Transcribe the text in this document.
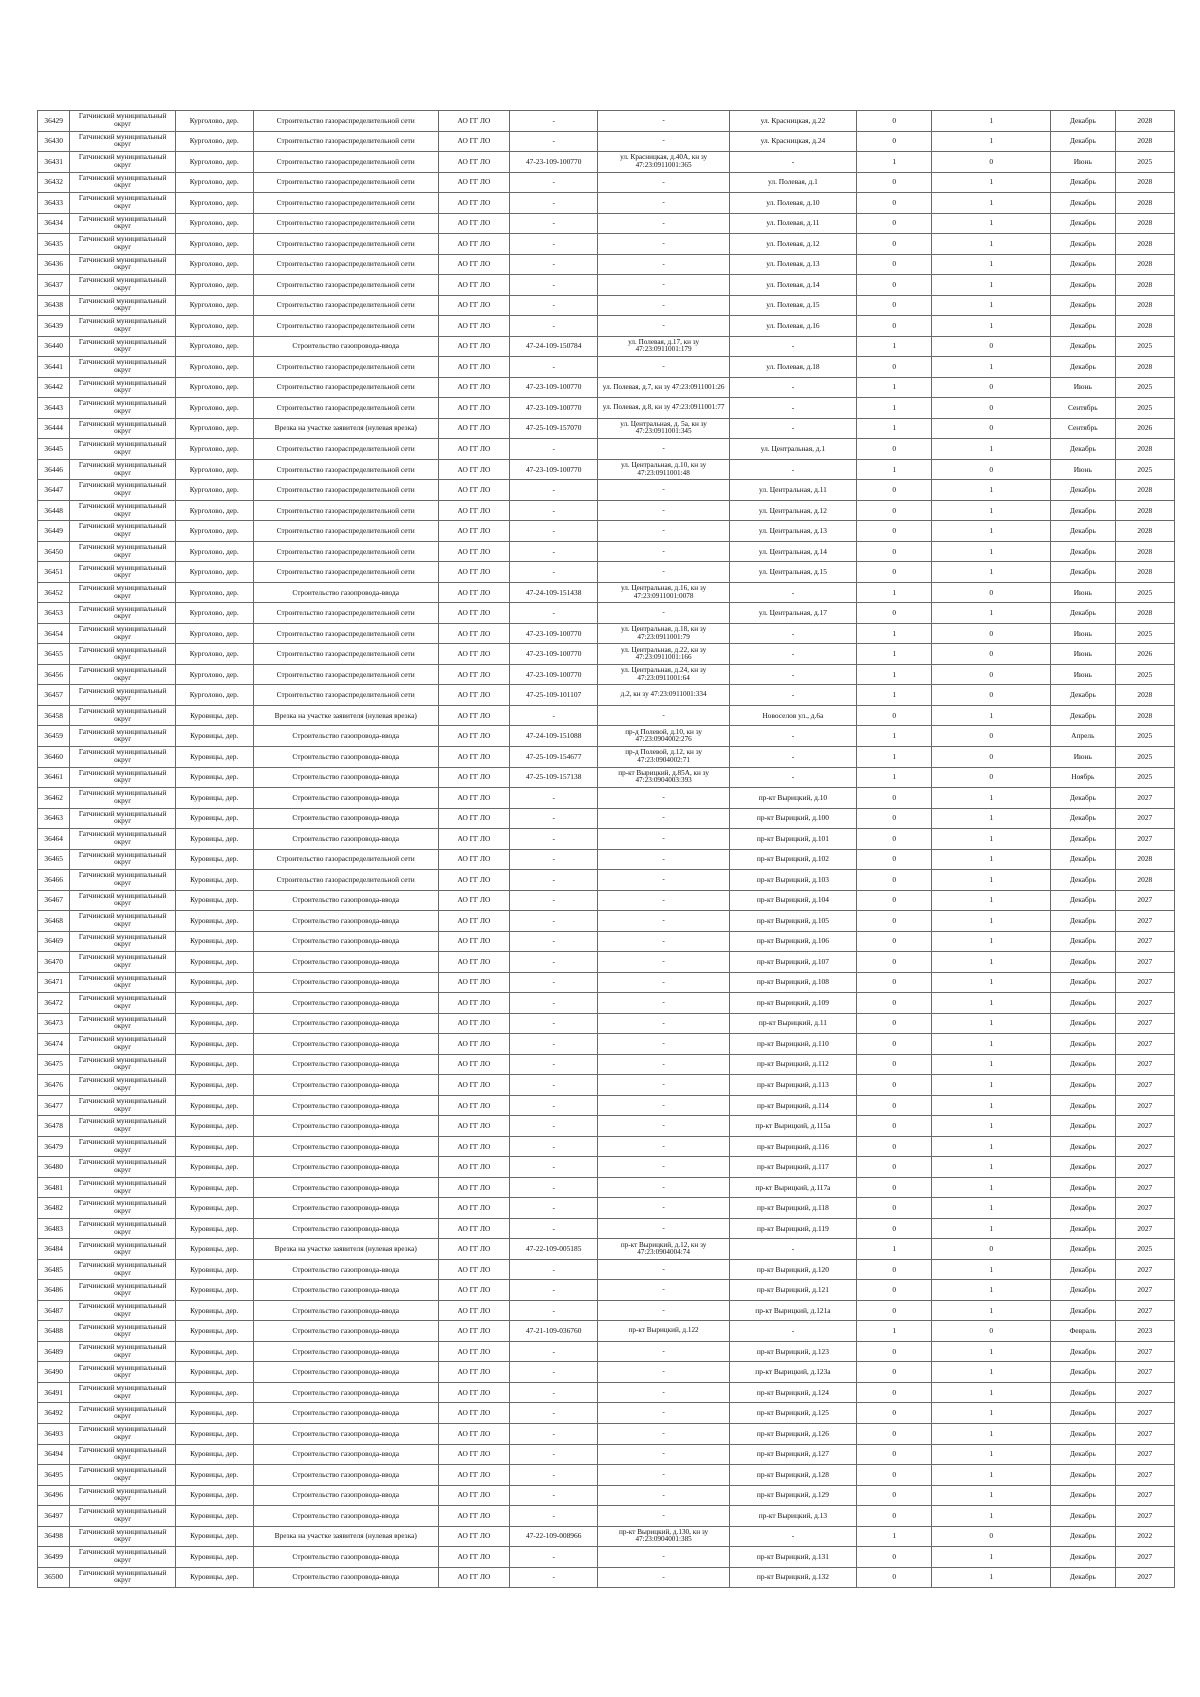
36429	Гатчинский муниципальный округ	Курголово, дер.	Строительство газораспределительной сети	АО ГГ ЛО	-	-	ул. Красницкая, д.22	0	1	Декабрь	2028
36430	Гатчинский муниципальный округ	Курголово, дер.	Строительство газораспределительной сети	АО ГГ ЛО	-	-	ул. Красницкая, д.24	0	1	Декабрь	2028
36431	Гатчинский муниципальный округ	Курголово, дер.	Строительство газораспределительной сети	АО ГГ ЛО	47-23-109-100770	ул. Красницкая, д.40А, кн зу 47:23:0911001:365	-	1	0	Июнь	2025
36432	Гатчинский муниципальный округ	Курголово, дер.	Строительство газораспределительной сети	АО ГГ ЛО	-	-	ул. Полевая, д.1	0	1	Декабрь	2028
36433	Гатчинский муниципальный округ	Курголово, дер.	Строительство газораспределительной сети	АО ГГ ЛО	-	-	ул. Полевая, д.10	0	1	Декабрь	2028
36434	Гатчинский муниципальный округ	Курголово, дер.	Строительство газораспределительной сети	АО ГГ ЛО	-	-	ул. Полевая, д.11	0	1	Декабрь	2028
36435	Гатчинский муниципальный округ	Курголово, дер.	Строительство газораспределительной сети	АО ГГ ЛО	-	-	ул. Полевая, д.12	0	1	Декабрь	2028
36436	Гатчинский муниципальный округ	Курголово, дер.	Строительство газораспределительной сети	АО ГГ ЛО	-	-	ул. Полевая, д.13	0	1	Декабрь	2028
36437	Гатчинский муниципальный округ	Курголово, дер.	Строительство газораспределительной сети	АО ГГ ЛО	-	-	ул. Полевая, д.14	0	1	Декабрь	2028
36438	Гатчинский муниципальный округ	Курголово, дер.	Строительство газораспределительной сети	АО ГГ ЛО	-	-	ул. Полевая, д.15	0	1	Декабрь	2028
36439	Гатчинский муниципальный округ	Курголово, дер.	Строительство газораспределительной сети	АО ГГ ЛО	-	-	ул. Полевая, д.16	0	1	Декабрь	2028
36440	Гатчинский муниципальный округ	Курголово, дер.	Строительство газопровода-ввода	АО ГГ ЛО	47-24-109-150784	ул. Полевая, д.17, кн зу 47:23:0911001:179	-	1	0	Декабрь	2025
36441	Гатчинский муниципальный округ	Курголово, дер.	Строительство газораспределительной сети	АО ГГ ЛО	-	-	ул. Полевая, д.18	0	1	Декабрь	2028
36442	Гатчинский муниципальный округ	Курголово, дер.	Строительство газораспределительной сети	АО ГГ ЛО	47-23-109-100770	ул. Полевая, д.7, кн зу 47:23:0911001:26	-	1	0	Июнь	2025
36443	Гатчинский муниципальный округ	Курголово, дер.	Строительство газораспределительной сети	АО ГГ ЛО	47-23-109-100770	ул. Полевая, д.8, кн зу 47:23:0911001:77	-	1	0	Сентябрь	2025
36444	Гатчинский муниципальный округ	Курголово, дер.	Врезка на участке заявителя (нулевая врезка)	АО ГГ ЛО	47-25-109-157070	ул. Центральная, д. 5а, кн зу 47:23:0911001:345	-	1	0	Сентябрь	2026
36445	Гатчинский муниципальный округ	Курголово, дер.	Строительство газораспределительной сети	АО ГГ ЛО	-	-	ул. Центральная, д.1	0	1	Декабрь	2028
36446	Гатчинский муниципальный округ	Курголово, дер.	Строительство газораспределительной сети	АО ГГ ЛО	47-23-109-100770	ул. Центральная, д.10, кн зу 47:23:0911001:48	-	1	0	Июнь	2025
36447	Гатчинский муниципальный округ	Курголово, дер.	Строительство газораспределительной сети	АО ГГ ЛО	-	-	ул. Центральная, д.11	0	1	Декабрь	2028
36448	Гатчинский муниципальный округ	Курголово, дер.	Строительство газораспределительной сети	АО ГГ ЛО	-	-	ул. Центральная, д.12	0	1	Декабрь	2028
36449	Гатчинский муниципальный округ	Курголово, дер.	Строительство газораспределительной сети	АО ГГ ЛО	-	-	ул. Центральная, д.13	0	1	Декабрь	2028
36450	Гатчинский муниципальный округ	Курголово, дер.	Строительство газораспределительной сети	АО ГГ ЛО	-	-	ул. Центральная, д.14	0	1	Декабрь	2028
36451	Гатчинский муниципальный округ	Курголово, дер.	Строительство газораспределительной сети	АО ГГ ЛО	-	-	ул. Центральная, д.15	0	1	Декабрь	2028
36452	Гатчинский муниципальный округ	Курголово, дер.	Строительство газопровода-ввода	АО ГГ ЛО	47-24-109-151438	ул. Центральная, д.16, кн зу 47:23:0911001:0078	-	1	0	Июнь	2025
36453	Гатчинский муниципальный округ	Курголово, дер.	Строительство газораспределительной сети	АО ГГ ЛО	-	-	ул. Центральная, д.17	0	1	Декабрь	2028
36454	Гатчинский муниципальный округ	Курголово, дер.	Строительство газораспределительной сети	АО ГГ ЛО	47-23-109-100770	ул. Центральная, д.18, кн зу 47:23:0911001:79	-	1	0	Июнь	2025
36455	Гатчинский муниципальный округ	Курголово, дер.	Строительство газораспределительной сети	АО ГГ ЛО	47-23-109-100770	ул. Центральная, д.22, кн зу 47:23:0911001:166	-	1	0	Июнь	2026
36456	Гатчинский муниципальный округ	Курголово, дер.	Строительство газораспределительной сети	АО ГГ ЛО	47-23-109-100770	ул. Центральная, д.24, кн зу 47:23:0911001:64	-	1	0	Июнь	2025
36457	Гатчинский муниципальный округ	Курголово, дер.	Строительство газораспределительной сети	АО ГГ ЛО	47-25-109-101107	д.2, кн зу 47:23:0911001:334	-	1	0	Декабрь	2028
36458	Гатчинский муниципальный округ	Куровицы, дер.	Врезка на участке заявителя (нулевая врезка)	АО ГГ ЛО	-	-	Новоселов ул., д.6а	0	1	Декабрь	2028
36459	Гатчинский муниципальный округ	Куровицы, дер.	Строительство газопровода-ввода	АО ГГ ЛО	47-24-109-151088	пр-д Полевой, д.10, кн зу 47:23:0904002:276	-	1	0	Апрель	2025
36460	Гатчинский муниципальный округ	Куровицы, дер.	Строительство газопровода-ввода	АО ГГ ЛО	47-25-109-154677	пр-д Полевой, д.12, кн зу 47:23:0904002:71	-	1	0	Июнь	2025
36461	Гатчинский муниципальный округ	Куровицы, дер.	Строительство газопровода-ввода	АО ГГ ЛО	47-25-109-157138	пр-кт Вырицкий, д.85А, кн зу 47:23:0904003:393	-	1	0	Ноябрь	2025
36462	Гатчинский муниципальный округ	Куровицы, дер.	Строительство газопровода-ввода	АО ГГ ЛО	-	-	пр-кт Вырицкий, д.10	0	1	Декабрь	2027
36463	Гатчинский муниципальный округ	Куровицы, дер.	Строительство газопровода-ввода	АО ГГ ЛО	-	-	пр-кт Вырицкий, д.100	0	1	Декабрь	2027
36464	Гатчинский муниципальный округ	Куровицы, дер.	Строительство газопровода-ввода	АО ГГ ЛО	-	-	пр-кт Вырицкий, д.101	0	1	Декабрь	2027
36465	Гатчинский муниципальный округ	Куровицы, дер.	Строительство газораспределительной сети	АО ГГ ЛО	-	-	пр-кт Вырицкий, д.102	0	1	Декабрь	2028
36466	Гатчинский муниципальный округ	Куровицы, дер.	Строительство газораспределительной сети	АО ГГ ЛО	-	-	пр-кт Вырицкий, д.103	0	1	Декабрь	2028
36467	Гатчинский муниципальный округ	Куровицы, дер.	Строительство газопровода-ввода	АО ГГ ЛО	-	-	пр-кт Вырицкий, д.104	0	1	Декабрь	2027
36468	Гатчинский муниципальный округ	Куровицы, дер.	Строительство газопровода-ввода	АО ГГ ЛО	-	-	пр-кт Вырицкий, д.105	0	1	Декабрь	2027
36469	Гатчинский муниципальный округ	Куровицы, дер.	Строительство газопровода-ввода	АО ГГ ЛО	-	-	пр-кт Вырицкий, д.106	0	1	Декабрь	2027
36470	Гатчинский муниципальный округ	Куровицы, дер.	Строительство газопровода-ввода	АО ГГ ЛО	-	-	пр-кт Вырицкий, д.107	0	1	Декабрь	2027
36471	Гатчинский муниципальный округ	Куровицы, дер.	Строительство газопровода-ввода	АО ГГ ЛО	-	-	пр-кт Вырицкий, д.108	0	1	Декабрь	2027
36472	Гатчинский муниципальный округ	Куровицы, дер.	Строительство газопровода-ввода	АО ГГ ЛО	-	-	пр-кт Вырицкий, д.109	0	1	Декабрь	2027
36473	Гатчинский муниципальный округ	Куровицы, дер.	Строительство газопровода-ввода	АО ГГ ЛО	-	-	пр-кт Вырицкий, д.11	0	1	Декабрь	2027
36474	Гатчинский муниципальный округ	Куровицы, дер.	Строительство газопровода-ввода	АО ГГ ЛО	-	-	пр-кт Вырицкий, д.110	0	1	Декабрь	2027
36475	Гатчинский муниципальный округ	Куровицы, дер.	Строительство газопровода-ввода	АО ГГ ЛО	-	-	пр-кт Вырицкий, д.112	0	1	Декабрь	2027
36476	Гатчинский муниципальный округ	Куровицы, дер.	Строительство газопровода-ввода	АО ГГ ЛО	-	-	пр-кт Вырицкий, д.113	0	1	Декабрь	2027
36477	Гатчинский муниципальный округ	Куровицы, дер.	Строительство газопровода-ввода	АО ГГ ЛО	-	-	пр-кт Вырицкий, д.114	0	1	Декабрь	2027
36478	Гатчинский муниципальный округ	Куровицы, дер.	Строительство газопровода-ввода	АО ГГ ЛО	-	-	пр-кт Вырицкий, д.115а	0	1	Декабрь	2027
36479	Гатчинский муниципальный округ	Куровицы, дер.	Строительство газопровода-ввода	АО ГГ ЛО	-	-	пр-кт Вырицкий, д.116	0	1	Декабрь	2027
36480	Гатчинский муниципальный округ	Куровицы, дер.	Строительство газопровода-ввода	АО ГГ ЛО	-	-	пр-кт Вырицкий, д.117	0	1	Декабрь	2027
36481	Гатчинский муниципальный округ	Куровицы, дер.	Строительство газопровода-ввода	АО ГГ ЛО	-	-	пр-кт Вырицкий, д.117а	0	1	Декабрь	2027
36482	Гатчинский муниципальный округ	Куровицы, дер.	Строительство газопровода-ввода	АО ГГ ЛО	-	-	пр-кт Вырицкий, д.118	0	1	Декабрь	2027
36483	Гатчинский муниципальный округ	Куровицы, дер.	Строительство газопровода-ввода	АО ГГ ЛО	-	-	пр-кт Вырицкий, д.119	0	1	Декабрь	2027
36484	Гатчинский муниципальный округ	Куровицы, дер.	Врезка на участке заявителя (нулевая врезка)	АО ГГ ЛО	47-22-109-005185	пр-кт Вырицкий, д.12, кн зу 47:23:0904004:74	-	1	0	Декабрь	2025
36485	Гатчинский муниципальный округ	Куровицы, дер.	Строительство газопровода-ввода	АО ГГ ЛО	-	-	пр-кт Вырицкий, д.120	0	1	Декабрь	2027
36486	Гатчинский муниципальный округ	Куровицы, дер.	Строительство газопровода-ввода	АО ГГ ЛО	-	-	пр-кт Вырицкий, д.121	0	1	Декабрь	2027
36487	Гатчинский муниципальный округ	Куровицы, дер.	Строительство газопровода-ввода	АО ГГ ЛО	-	-	пр-кт Вырицкий, д.121а	0	1	Декабрь	2027
36488	Гатчинский муниципальный округ	Куровицы, дер.	Строительство газопровода-ввода	АО ГГ ЛО	47-21-109-036760	пр-кт Вырицкий, д.122	-	1	0	Февраль	2023
36489	Гатчинский муниципальный округ	Куровицы, дер.	Строительство газопровода-ввода	АО ГГ ЛО	-	-	пр-кт Вырицкий, д.123	0	1	Декабрь	2027
36490	Гатчинский муниципальный округ	Куровицы, дер.	Строительство газопровода-ввода	АО ГГ ЛО	-	-	пр-кт Вырицкий, д.123а	0	1	Декабрь	2027
36491	Гатчинский муниципальный округ	Куровицы, дер.	Строительство газопровода-ввода	АО ГГ ЛО	-	-	пр-кт Вырицкий, д.124	0	1	Декабрь	2027
36492	Гатчинский муниципальный округ	Куровицы, дер.	Строительство газопровода-ввода	АО ГГ ЛО	-	-	пр-кт Вырицкий, д.125	0	1	Декабрь	2027
36493	Гатчинский муниципальный округ	Куровицы, дер.	Строительство газопровода-ввода	АО ГГ ЛО	-	-	пр-кт Вырицкий, д.126	0	1	Декабрь	2027
36494	Гатчинский муниципальный округ	Куровицы, дер.	Строительство газопровода-ввода	АО ГГ ЛО	-	-	пр-кт Вырицкий, д.127	0	1	Декабрь	2027
36495	Гатчинский муниципальный округ	Куровицы, дер.	Строительство газопровода-ввода	АО ГГ ЛО	-	-	пр-кт Вырицкий, д.128	0	1	Декабрь	2027
36496	Гатчинский муниципальный округ	Куровицы, дер.	Строительство газопровода-ввода	АО ГГ ЛО	-	-	пр-кт Вырицкий, д.129	0	1	Декабрь	2027
36497	Гатчинский муниципальный округ	Куровицы, дер.	Строительство газопровода-ввода	АО ГГ ЛО	-	-	пр-кт Вырицкий, д.13	0	1	Декабрь	2027
36498	Гатчинский муниципальный округ	Куровицы, дер.	Врезка на участке заявителя (нулевая врезка)	АО ГГ ЛО	47-22-109-008966	пр-кт Вырицкий, д.130, кн зу 47:23:0904001:385	-	1	0	Декабрь	2022
36499	Гатчинский муниципальный округ	Куровицы, дер.	Строительство газопровода-ввода	АО ГГ ЛО	-	-	пр-кт Вырицкий, д.131	0	1	Декабрь	2027
36500	Гатчинский муниципальный округ	Куровицы, дер.	Строительство газопровода-ввода	АО ГГ ЛО	-	-	пр-кт Вырицкий, д.132	0	1	Декабрь	2027
